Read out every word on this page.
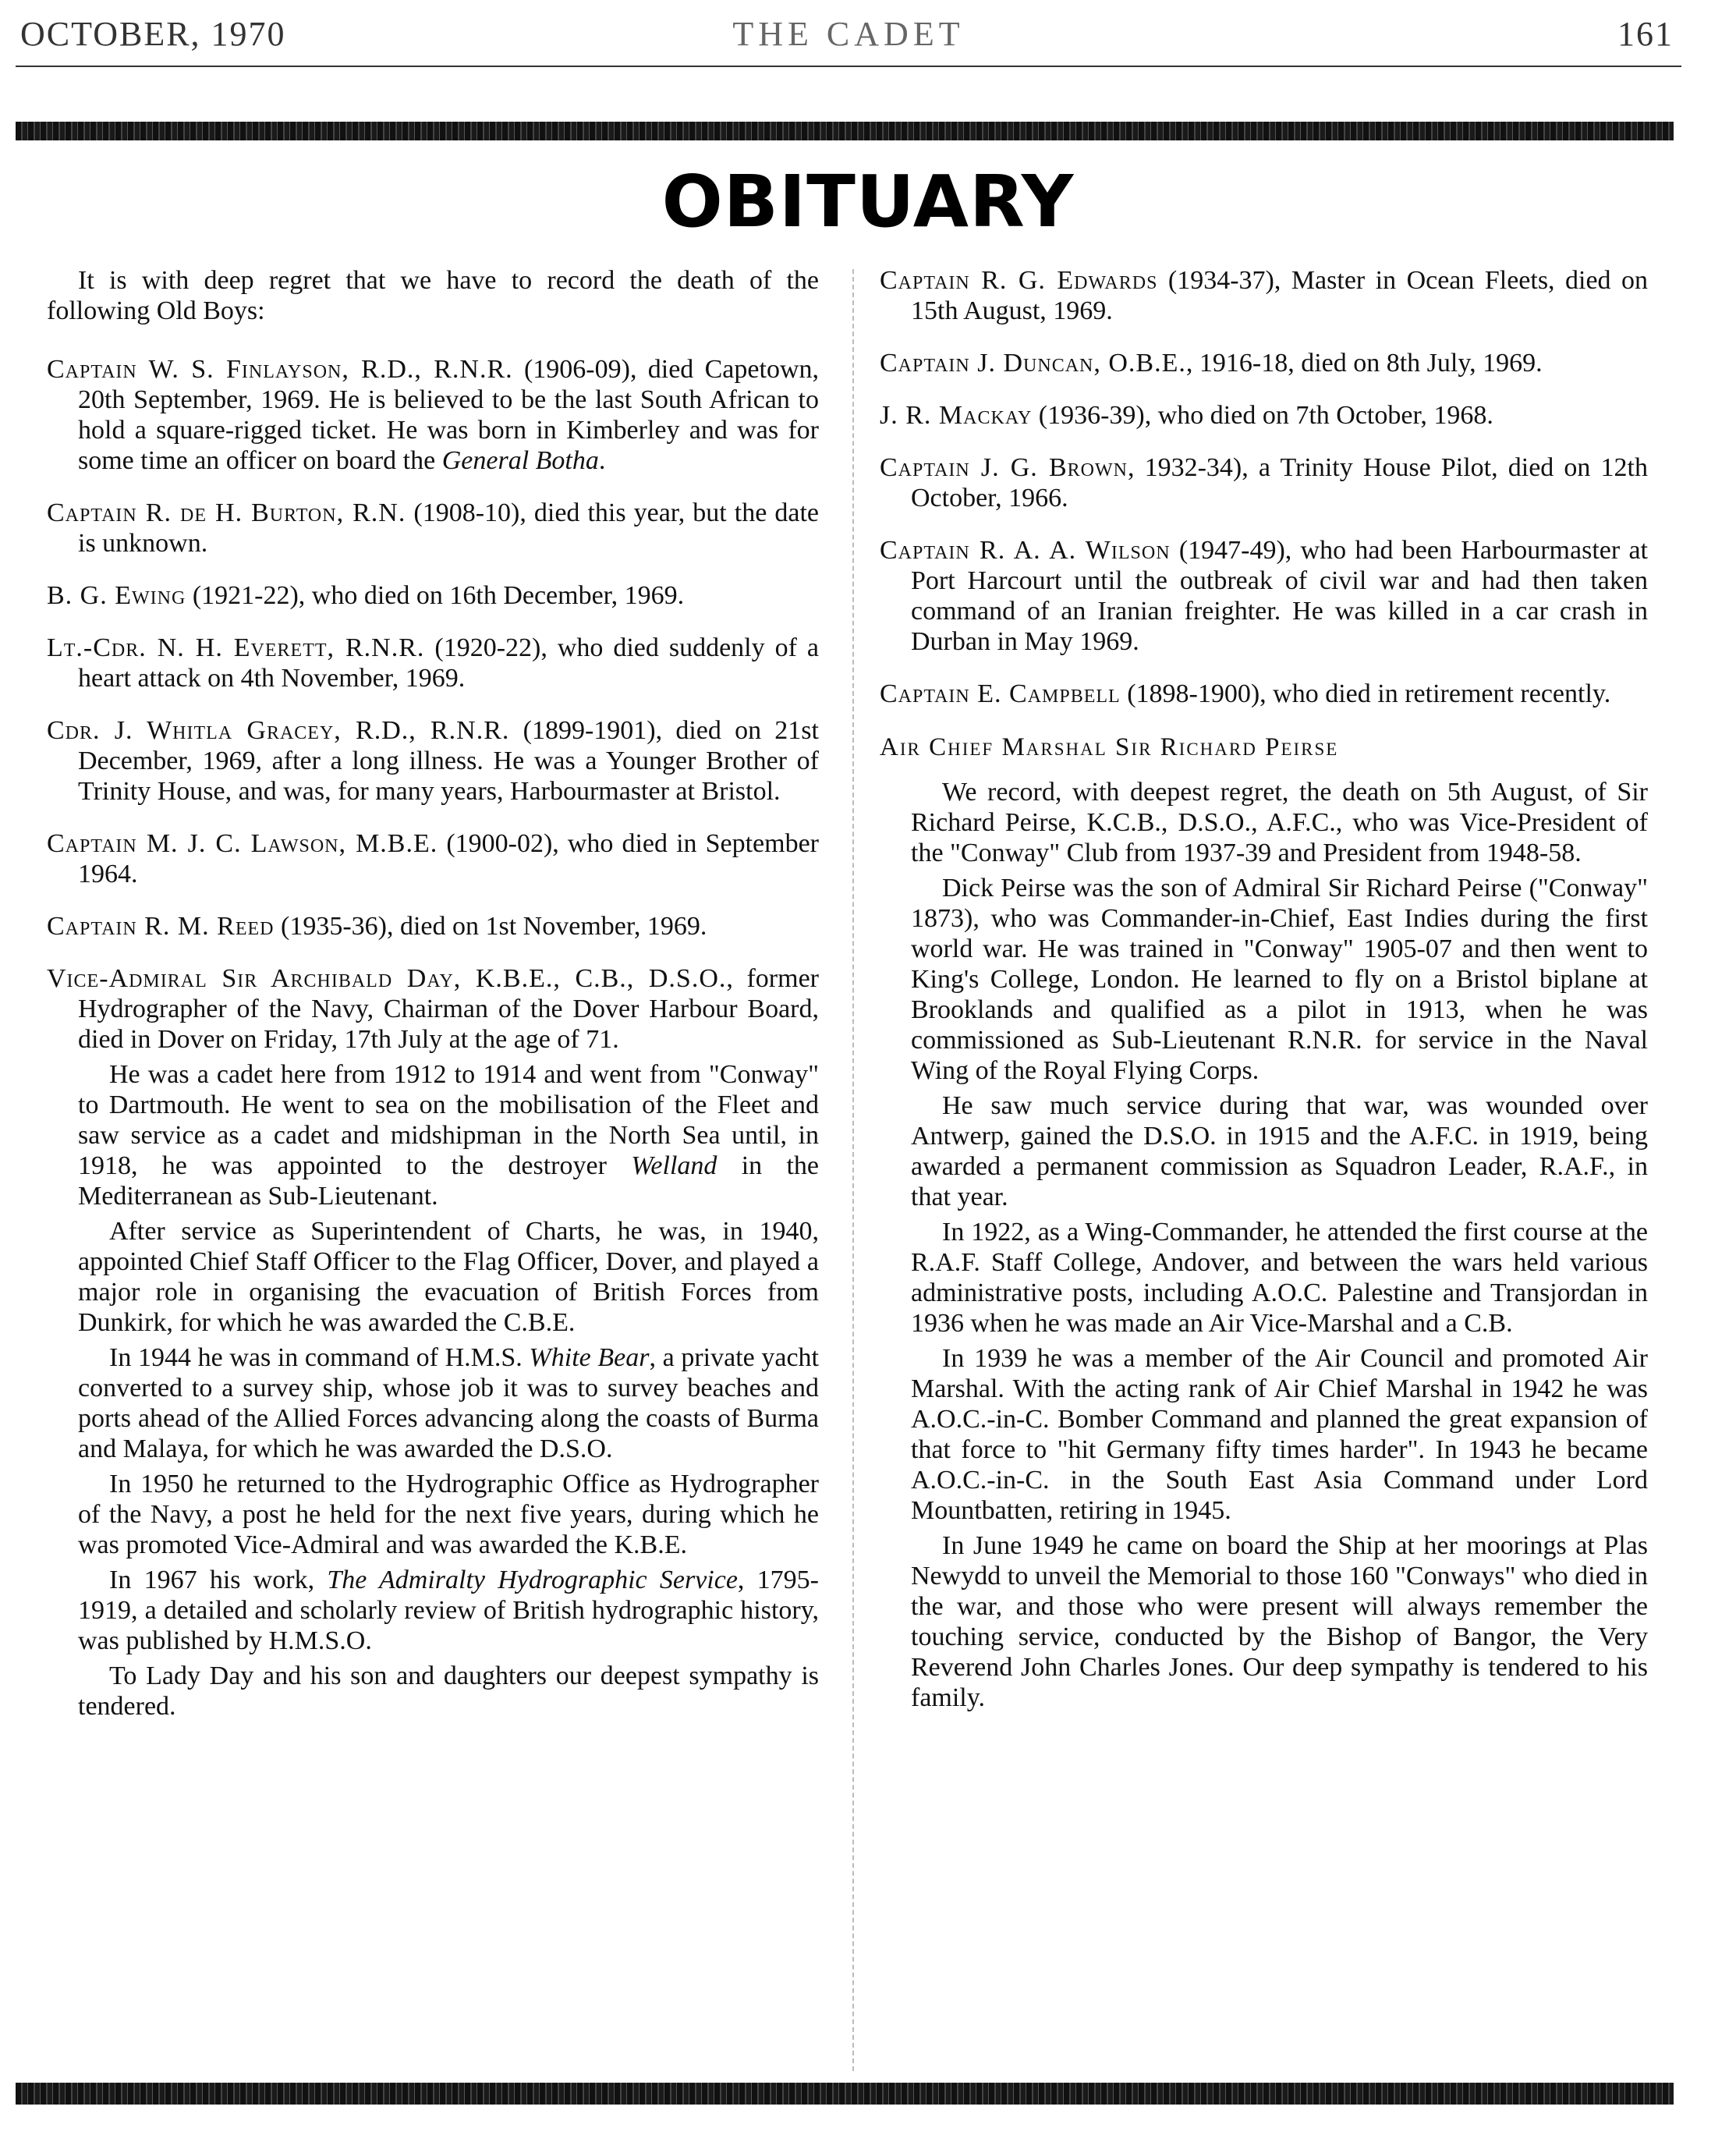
OCTOBER, 1970	THE CADET	161
OBITUARY

It is with deep regret that we have to record the death of the following Old Boys:

Captain W. S. Finlayson, R.D., R.N.R. (1906-09), died Capetown, 20th September, 1969. He is believed to be the last South African to hold a square-rigged ticket. He was born in Kimberley and was for some time an officer on board the General Botha.

Captain R. de H. Burton, R.N. (1908-10), died this year, but the date is unknown.

B. G. Ewing (1921-22), who died on 16th December, 1969.

Lt.-Cdr. N. H. Everett, R.N.R. (1920-22), who died suddenly of a heart attack on 4th November, 1969.

Cdr. J. Whitla Gracey, R.D., R.N.R. (1899-1901), died on 21st December, 1969, after a long illness. He was a Younger Brother of Trinity House, and was, for many years, Harbourmaster at Bristol.

Captain M. J. C. Lawson, M.B.E. (1900-02), who died in September 1964.

Captain R. M. Reed (1935-36), died on 1st November, 1969.

Vice-Admiral Sir Archibald Day, K.B.E., C.B., D.S.O., former Hydrographer of the Navy, Chairman of the Dover Harbour Board, died in Dover on Friday, 17th July at the age of 71.

He was a cadet here from 1912 to 1914 and went from "Conway" to Dartmouth. He went to sea on the mobilisation of the Fleet and saw service as a cadet and midshipman in the North Sea until, in 1918, he was appointed to the destroyer Welland in the Mediterranean as Sub-Lieutenant.

After service as Superintendent of Charts, he was, in 1940, appointed Chief Staff Officer to the Flag Officer, Dover, and played a major role in organising the evacuation of British Forces from Dunkirk, for which he was awarded the C.B.E.

In 1944 he was in command of H.M.S. White Bear, a private yacht converted to a survey ship, whose job it was to survey beaches and ports ahead of the Allied Forces advancing along the coasts of Burma and Malaya, for which he was awarded the D.S.O.

In 1950 he returned to the Hydrographic Office as Hydrographer of the Navy, a post he held for the next five years, during which he was promoted Vice-Admiral and was awarded the K.B.E.

In 1967 his work, The Admiralty Hydrographic Service, 1795-1919, a detailed and scholarly review of British hydrographic history, was published by H.M.S.O.

To Lady Day and his son and daughters our deepest sympathy is tendered.

Captain R. G. Edwards (1934-37), Master in Ocean Fleets, died on 15th August, 1969.

Captain J. Duncan, O.B.E., 1916-18, died on 8th July, 1969.

J. R. Mackay (1936-39), who died on 7th October, 1968.

Captain J. G. Brown, 1932-34), a Trinity House Pilot, died on 12th October, 1966.

Captain R. A. A. Wilson (1947-49), who had been Harbourmaster at Port Harcourt until the outbreak of civil war and had then taken command of an Iranian freighter. He was killed in a car crash in Durban in May 1969.

Captain E. Campbell (1898-1900), who died in retirement recently.

Air Chief Marshal Sir Richard Peirse

We record, with deepest regret, the death on 5th August, of Sir Richard Peirse, K.C.B., D.S.O., A.F.C., who was Vice-President of the "Conway" Club from 1937-39 and President from 1948-58.

Dick Peirse was the son of Admiral Sir Richard Peirse ("Conway" 1873), who was Commander-in-Chief, East Indies during the first world war. He was trained in "Conway" 1905-07 and then went to King's College, London. He learned to fly on a Bristol biplane at Brooklands and qualified as a pilot in 1913, when he was commissioned as Sub-Lieutenant R.N.R. for service in the Naval Wing of the Royal Flying Corps.

He saw much service during that war, was wounded over Antwerp, gained the D.S.O. in 1915 and the A.F.C. in 1919, being awarded a permanent commission as Squadron Leader, R.A.F., in that year.

In 1922, as a Wing-Commander, he attended the first course at the R.A.F. Staff College, Andover, and between the wars held various administrative posts, including A.O.C. Palestine and Transjordan in 1936 when he was made an Air Vice-Marshal and a C.B.

In 1939 he was a member of the Air Council and promoted Air Marshal. With the acting rank of Air Chief Marshal in 1942 he was A.O.C.-in-C. Bomber Command and planned the great expansion of that force to "hit Germany fifty times harder". In 1943 he became A.O.C.-in-C. in the South East Asia Command under Lord Mountbatten, retiring in 1945.

In June 1949 he came on board the Ship at her moorings at Plas Newydd to unveil the Memorial to those 160 "Conways" who died in the war, and those who were present will always remember the touching service, conducted by the Bishop of Bangor, the Very Reverend John Charles Jones. Our deep sympathy is tendered to his family.
